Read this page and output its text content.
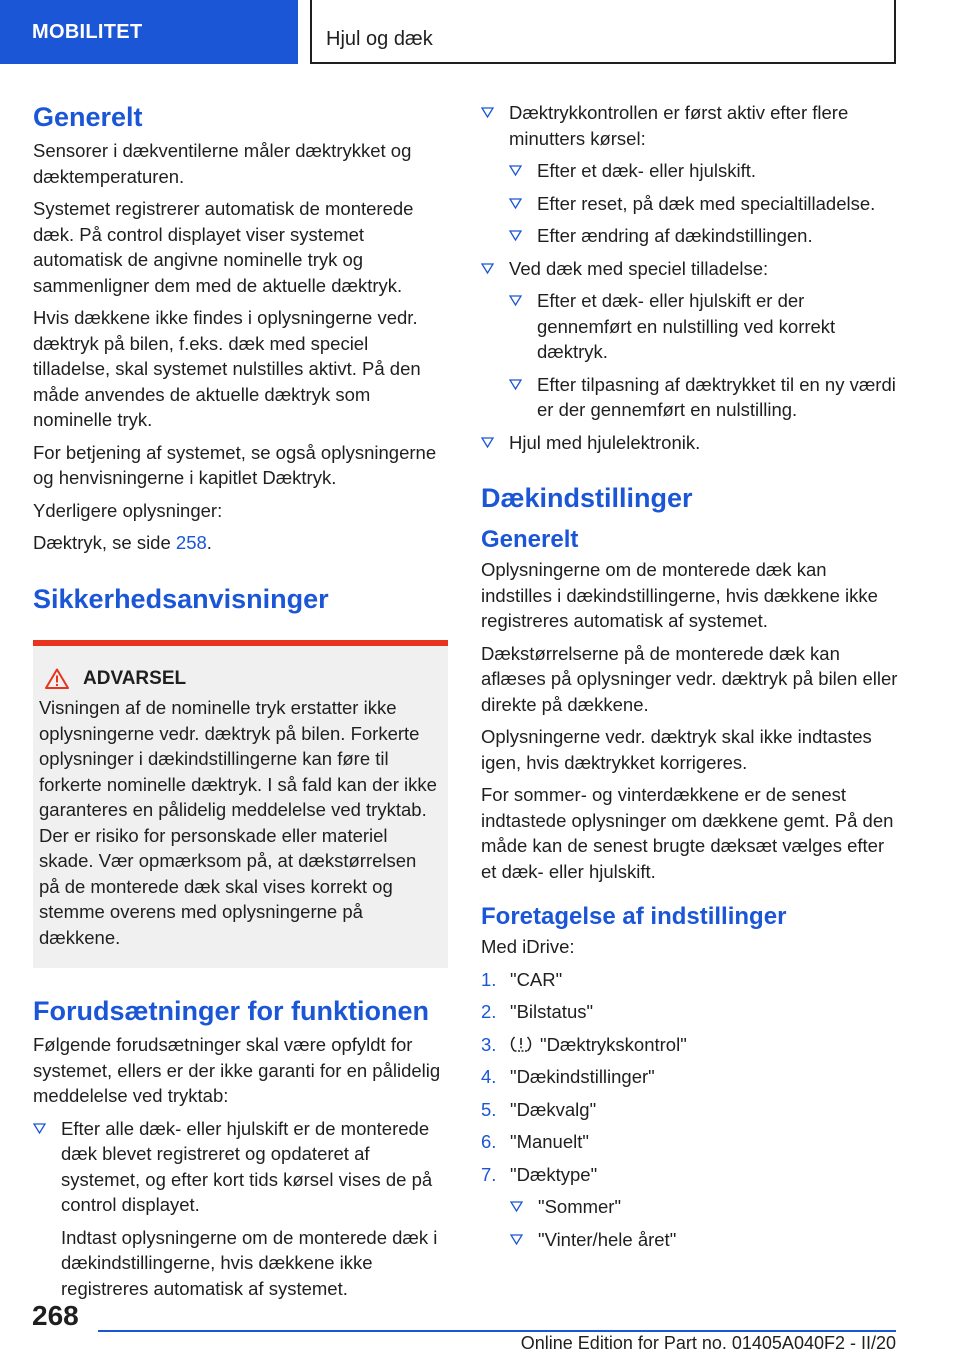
MOBILITET	Hjul og dæk
Generelt

Sensorer i dækventilerne måler dæktrykket og dæktemperaturen.

Systemet registrerer automatisk de monterede dæk. På control displayet viser systemet automatisk de angivne nominelle tryk og sammenligner dem med de aktuelle dæktryk.

Hvis dækkene ikke findes i oplysningerne vedr. dæktryk på bilen, f.eks. dæk med speciel tilladelse, skal systemet nulstilles aktivt. På den måde anvendes de aktuelle dæktryk som nominelle tryk.

For betjening af systemet, se også oplysningerne og henvisningerne i kapitlet Dæktryk.

Yderligere oplysninger:

Dæktryk, se side 258.

Sikkerhedsanvisninger
ADVARSEL
Visningen af de nominelle tryk erstatter ikke oplysningerne vedr. dæktryk på bilen. Forkerte oplysninger i dækindstillingerne kan føre til forkerte nominelle dæktryk. I så fald kan der ikke garanteres en pålidelig meddelelse ved tryktab. Der er risiko for personskade eller materiel skade. Vær opmærksom på, at dækstørrelsen på de monterede dæk skal vises korrekt og stemme overens med oplysningerne på dækkene.
Forudsætninger for funktionen

Følgende forudsætninger skal være opfyldt for systemet, ellers er der ikke garanti for en pålidelig meddelelse ved tryktab:

Efter alle dæk- eller hjulskift er de monterede dæk blevet registreret og opdateret af systemet, og efter kort tids kørsel vises de på control displayet.
Indtast oplysningerne om de monterede dæk i dækindstillingerne, hvis dækkene ikke registreres automatisk af systemet.
Dæktrykkontrollen er først aktiv efter flere minutters kørsel:
Efter et dæk- eller hjulskift.
Efter reset, på dæk med specialtilladelse.
Efter ændring af dækindstillingen.
Ved dæk med speciel tilladelse:
Efter et dæk- eller hjulskift er der gennemført en nulstilling ved korrekt dæktryk.
Efter tilpasning af dæktrykket til en ny værdi er der gennemført en nulstilling.
Hjul med hjulelektronik.
Dækindstillinger
Generelt

Oplysningerne om de monterede dæk kan indstilles i dækindstillingerne, hvis dækkene ikke registreres automatisk af systemet.

Dækstørrelserne på de monterede dæk kan aflæses på oplysninger vedr. dæktryk på bilen eller direkte på dækkene.

Oplysningerne vedr. dæktryk skal ikke indtastes igen, hvis dæktrykket korrigeres.

For sommer- og vinterdækkene er de senest indtastede oplysninger om dækkene gemt. På den måde kan de senest brugte dæksæt vælges efter et dæk- eller hjulskift.

Foretagelse af indstillinger

Med iDrive:

1. "CAR"
2. "Bilstatus"
3. "Dæktrykskontrol"
4. "Dækindstillinger"
5. "Dækvalg"
6. "Manuelt"
7. "Dæktype"
"Sommer"
"Vinter/hele året"
268
Online Edition for Part no. 01405A040F2 - II/20
